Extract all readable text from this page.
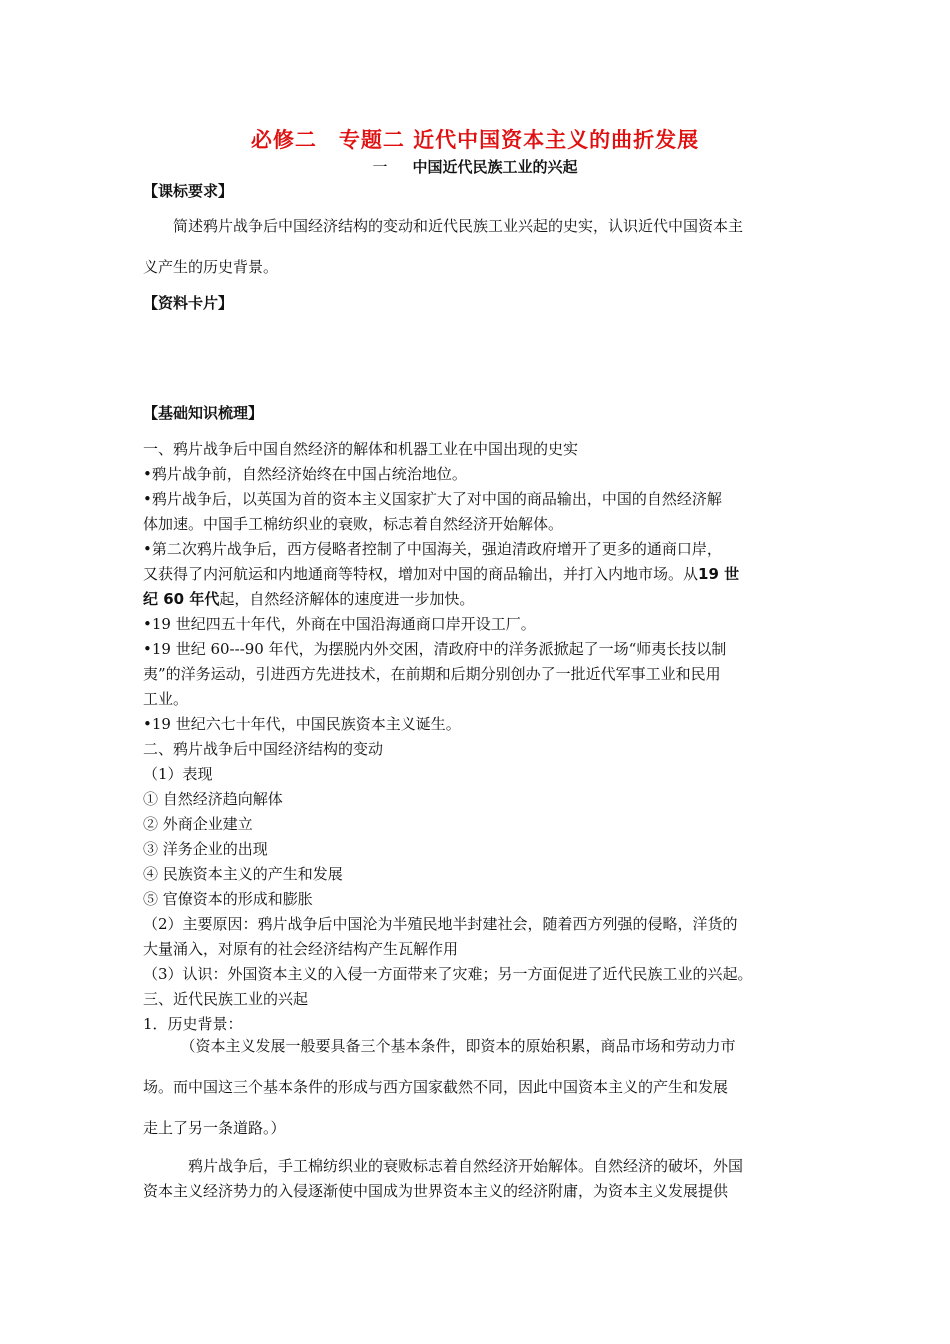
必修二　专题二 近代中国资本主义的曲折发展
一 中国近代民族工业的兴起
【课标要求】
　　简述鸦片战争后中国经济结构的变动和近代民族工业兴起的史实，认识近代中国资本主
义产生的历史背景。
【资料卡片】
【基础知识梳理】
一、鸦片战争后中国自然经济的解体和机器工业在中国出现的史实
•鸦片战争前，自然经济始终在中国占统治地位。
•鸦片战争后，以英国为首的资本主义国家扩大了对中国的商品输出，中国的自然经济解
体加速。中国手工棉纺织业的衰败，标志着自然经济开始解体。
•第二次鸦片战争后，西方侵略者控制了中国海关，强迫清政府增开了更多的通商口岸，
又获得了内河航运和内地通商等特权，增加对中国的商品输出，并打入内地市场。从19 世
纪 60 年代起，自然经济解体的速度进一步加快。
•19 世纪四五十年代，外商在中国沿海通商口岸开设工厂。
•19 世纪 60---90 年代，为摆脱内外交困，清政府中的洋务派掀起了一场“师夷长技以制
夷”的洋务运动，引进西方先进技术，在前期和后期分别创办了一批近代军事工业和民用
工业。
•19 世纪六七十年代，中国民族资本主义诞生。
二、鸦片战争后中国经济结构的变动
（1）表现
① 自然经济趋向解体
② 外商企业建立
③ 洋务企业的出现
④ 民族资本主义的产生和发展
⑤ 官僚资本的形成和膨胀
（2）主要原因：鸦片战争后中国沦为半殖民地半封建社会，随着西方列强的侵略，洋货的
大量涌入，对原有的社会经济结构产生瓦解作用
（3）认识：外国资本主义的入侵一方面带来了灾难；另一方面促进了近代民族工业的兴起。
三、近代民族工业的兴起
1．历史背景：
　　　（资本主义发展一般要具备三个基本条件，即资本的原始积累，商品市场和劳动力市
场。而中国这三个基本条件的形成与西方国家截然不同，因此中国资本主义的产生和发展
走上了另一条道路。）
　　　鸦片战争后，手工棉纺织业的衰败标志着自然经济开始解体。自然经济的破坏，外国
资本主义经济势力的入侵逐渐使中国成为世界资本主义的经济附庸，为资本主义发展提供
